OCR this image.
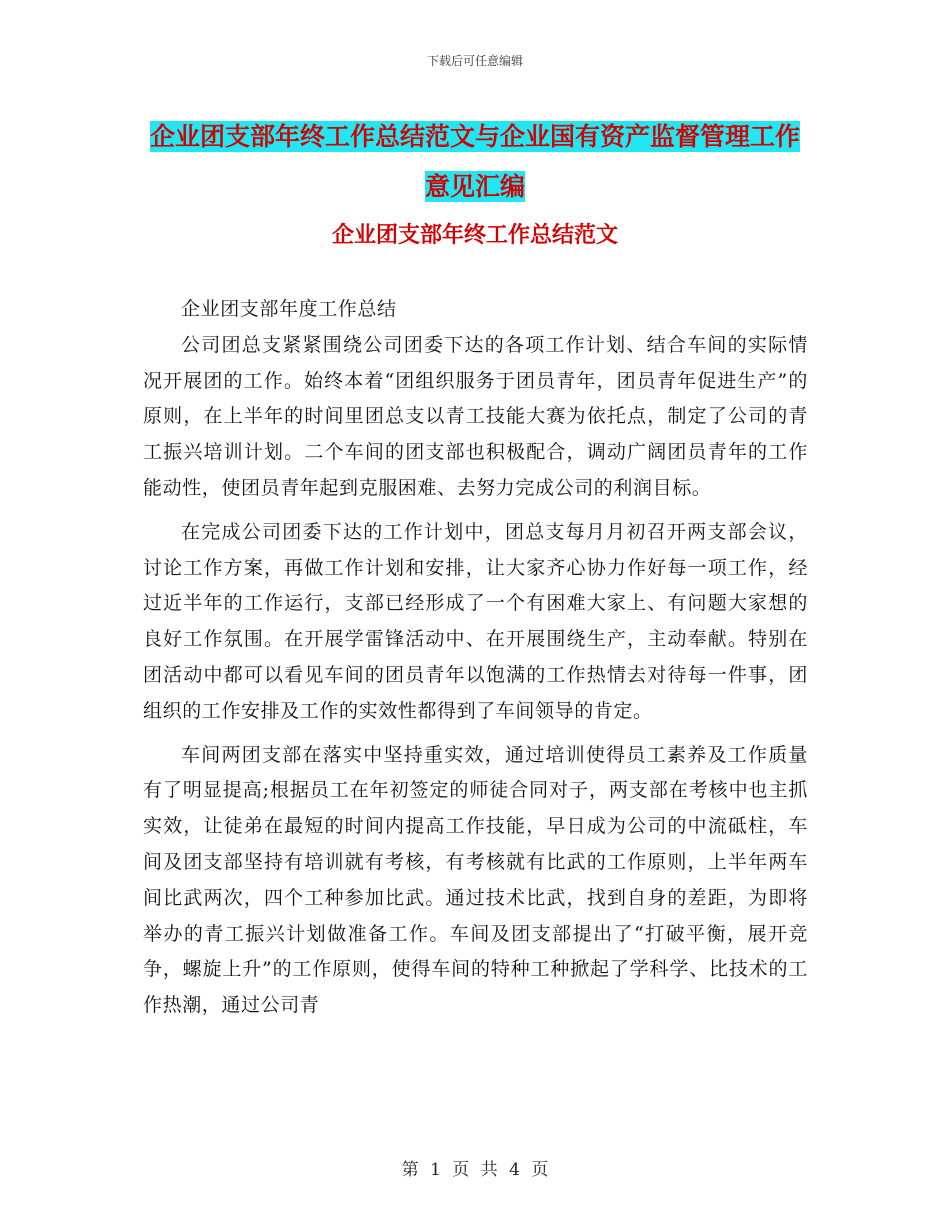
下载后可任意编辑
企业团支部年终工作总结范文与企业国有资产监督管理工作意见汇编
企业团支部年终工作总结范文

企业团支部年度工作总结

公司团总支紧紧围绕公司团委下达的各项工作计划、结合车间的实际情况开展团的工作。始终本着“团组织服务于团员青年，团员青年促进生产”的原则，在上半年的时间里团总支以青工技能大赛为依托点，制定了公司的青工振兴培训计划。二个车间的团支部也积极配合，调动广阔团员青年的工作能动性，使团员青年起到克服困难、去努力完成公司的利润目标。

在完成公司团委下达的工作计划中，团总支每月月初召开两支部会议，讨论工作方案，再做工作计划和安排，让大家齐心协力作好每一项工作，经过近半年的工作运行，支部已经形成了一个有困难大家上、有问题大家想的良好工作氛围。在开展学雷锋活动中、在开展围绕生产，主动奉献。特别在团活动中都可以看见车间的团员青年以饱满的工作热情去对待每一件事，团组织的工作安排及工作的实效性都得到了车间领导的肯定。

车间两团支部在落实中坚持重实效，通过培训使得员工素养及工作质量有了明显提高;根据员工在年初签定的师徒合同对子，两支部在考核中也主抓实效，让徒弟在最短的时间内提高工作技能，早日成为公司的中流砥柱，车间及团支部坚持有培训就有考核，有考核就有比武的工作原则，上半年两车间比武两次，四个工种参加比武。通过技术比武，找到自身的差距，为即将举办的青工振兴计划做准备工作。车间及团支部提出了“打破平衡，展开竞争，螺旋上升”的工作原则，使得车间的特种工种掀起了学科学、比技术的工作热潮，通过公司青

第 1 页 共 4 页
